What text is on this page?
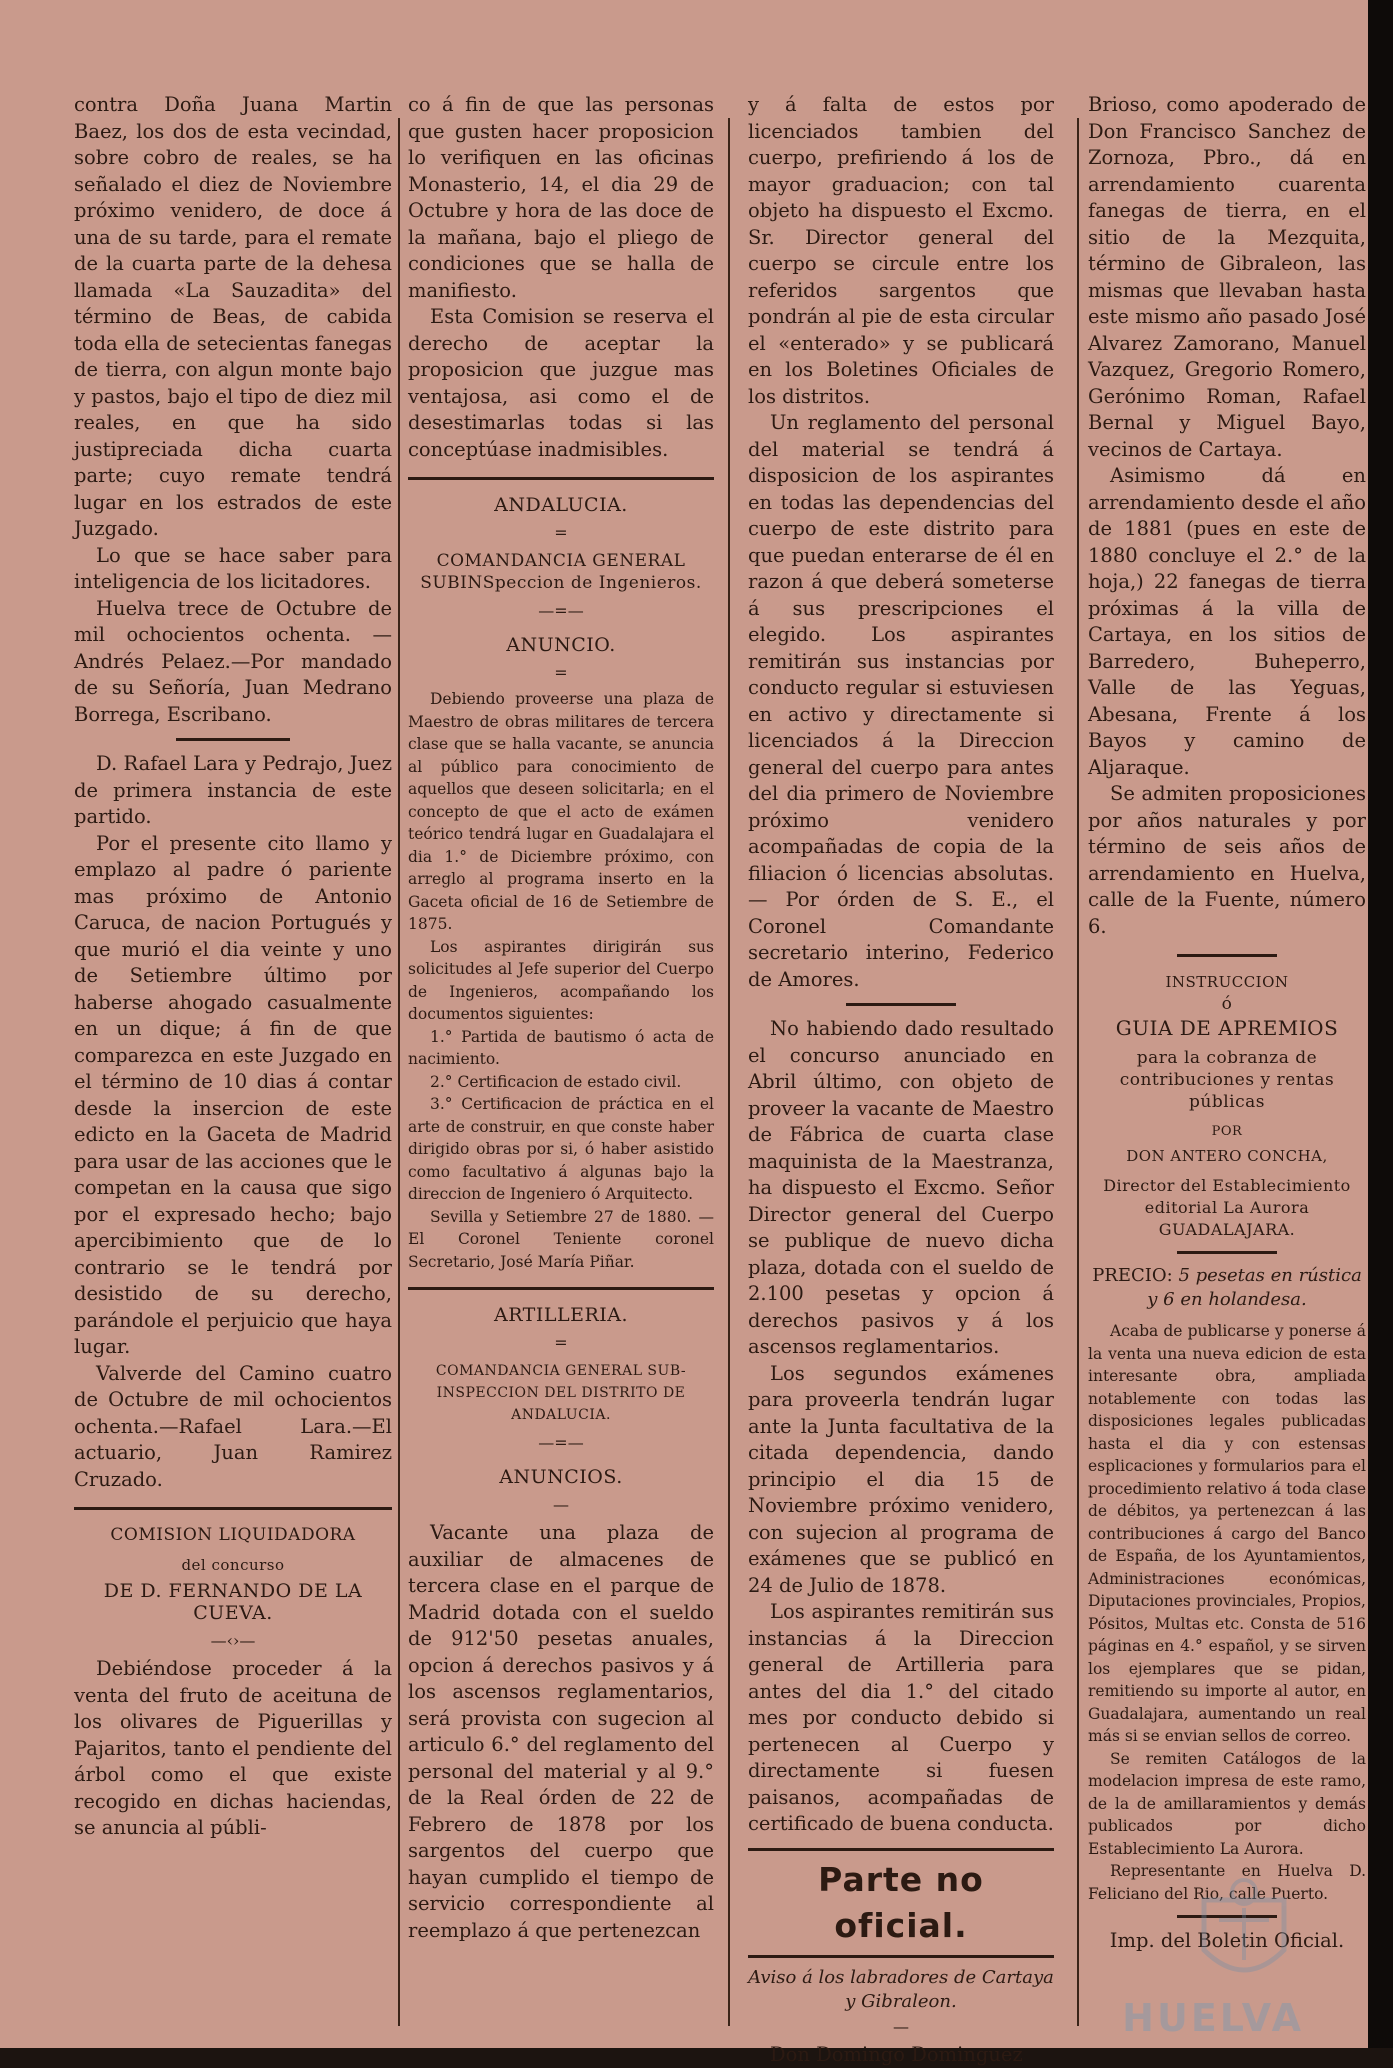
contra Doña Juana Martin Baez, los dos de esta vecindad, sobre cobro de reales, se ha señalado el diez de Noviembre próximo venidero, de doce á una de su tarde, para el remate de la cuarta parte de la dehesa llamada «La Sauzadita» del término de Beas, de cabida toda ella de setecientas fanegas de tierra, con algun monte bajo y pastos, bajo el tipo de diez mil reales, en que ha sido justipreciada dicha cuarta parte; cuyo remate tendrá lugar en los estrados de este Juzgado.

Lo que se hace saber para inteligencia de los licitadores.

Huelva trece de Octubre de mil ochocientos ochenta. —Andrés Pelaez.—Por mandado de su Señoría, Juan Medrano Borrega, Escribano.

D. Rafael Lara y Pedrajo, Juez de primera instancia de este partido.

Por el presente cito llamo y emplazo al padre ó pariente mas próximo de Antonio Caruca, de nacion Portugués y que murió el dia veinte y uno de Setiembre último por haberse ahogado casualmente en un dique; á fin de que comparezca en este Juzgado en el término de 10 dias á contar desde la insercion de este edicto en la Gaceta de Madrid para usar de las acciones que le competan en la causa que sigo por el expresado hecho; bajo apercibimiento que de lo contrario se le tendrá por desistido de su derecho, parándole el perjuicio que haya lugar.

Valverde del Camino cuatro de Octubre de mil ochocientos ochenta.—Rafael Lara.—El actuario, Juan Ramirez Cruzado.

COMISION LIQUIDADORA
del concurso
DE D. FERNANDO DE LA CUEVA.
—‹›—

Debiéndose proceder á la venta del fruto de aceituna de los olivares de Piguerillas y Pajaritos, tanto el pendiente del árbol como el que existe recogido en dichas haciendas, se anuncia al públi-

co á fin de que las personas que gusten hacer proposicion lo verifiquen en las oficinas Monasterio, 14, el dia 29 de Octubre y hora de las doce de la mañana, bajo el pliego de condiciones que se halla de manifiesto.

Esta Comision se reserva el derecho de aceptar la proposicion que juzgue mas ventajosa, asi como el de desestimarlas todas si las conceptúase inadmisibles.

ANDALUCIA.
=
COMANDANCIA GENERAL SUBINSpeccion de Ingenieros.
—=—
ANUNCIO.
=

Debiendo proveerse una plaza de Maestro de obras militares de tercera clase que se halla vacante, se anuncia al público para conocimiento de aquellos que deseen solicitarla; en el concepto de que el acto de exámen teórico tendrá lugar en Guadalajara el dia 1.° de Diciembre próximo, con arreglo al programa inserto en la Gaceta oficial de 16 de Setiembre de 1875.

Los aspirantes dirigirán sus solicitudes al Jefe superior del Cuerpo de Ingenieros, acompañando los documentos siguientes:

1.° Partida de bautismo ó acta de nacimiento.

2.° Certificacion de estado civil.

3.° Certificacion de práctica en el arte de construir, en que conste haber dirigido obras por si, ó haber asistido como facultativo á algunas bajo la direccion de Ingeniero ó Arquitecto.

Sevilla y Setiembre 27 de 1880. —El Coronel Teniente coronel Secretario, José María Piñar.

ARTILLERIA.
=
COMANDANCIA GENERAL SUB-INSPECCION DEL DISTRITO DE ANDALUCIA.
—=—
ANUNCIOS.
—

Vacante una plaza de auxiliar de almacenes de tercera clase en el parque de Madrid dotada con el sueldo de 912'50 pesetas anuales, opcion á derechos pasivos y á los ascensos reglamentarios, será provista con sugecion al articulo 6.° del reglamento del personal del material y al 9.° de la Real órden de 22 de Febrero de 1878 por los sargentos del cuerpo que hayan cumplido el tiempo de servicio correspondiente al reemplazo á que pertenezcan

y á falta de estos por licenciados tambien del cuerpo, prefiriendo á los de mayor graduacion; con tal objeto ha dispuesto el Excmo. Sr. Director general del cuerpo se circule entre los referidos sargentos que pondrán al pie de esta circular el «enterado» y se publicará en los Boletines Oficiales de los distritos.

Un reglamento del personal del material se tendrá á disposicion de los aspirantes en todas las dependencias del cuerpo de este distrito para que puedan enterarse de él en razon á que deberá someterse á sus prescripciones el elegido. Los aspirantes remitirán sus instancias por conducto regular si estuviesen en activo y directamente si licenciados á la Direccion general del cuerpo para antes del dia primero de Noviembre próximo venidero acompañadas de copia de la filiacion ó licencias absolutas.— Por órden de S. E., el Coronel Comandante secretario interino, Federico de Amores.

No habiendo dado resultado el concurso anunciado en Abril último, con objeto de proveer la vacante de Maestro de Fábrica de cuarta clase maquinista de la Maestranza, ha dispuesto el Excmo. Señor Director general del Cuerpo se publique de nuevo dicha plaza, dotada con el sueldo de 2.100 pesetas y opcion á derechos pasivos y á los ascensos reglamentarios.

Los segundos exámenes para proveerla tendrán lugar ante la Junta facultativa de la citada dependencia, dando principio el dia 15 de Noviembre próximo venidero, con sujecion al programa de exámenes que se publicó en 24 de Julio de 1878.

Los aspirantes remitirán sus instancias á la Direccion general de Artilleria para antes del dia 1.° del citado mes por conducto debido si pertenecen al Cuerpo y directamente si fuesen paisanos, acompañadas de certificado de buena conducta.

Parte no oficial.
Aviso á los labradores de Cartaya y Gibraleon.
—

Don Domingo Dominguez

Brioso, como apoderado de Don Francisco Sanchez de Zornoza, Pbro., dá en arrendamiento cuarenta fanegas de tierra, en el sitio de la Mezquita, término de Gibraleon, las mismas que llevaban hasta este mismo año pasado José Alvarez Zamorano, Manuel Vazquez, Gregorio Romero, Gerónimo Roman, Rafael Bernal y Miguel Bayo, vecinos de Cartaya.

Asimismo dá en arrendamiento desde el año de 1881 (pues en este de 1880 concluye el 2.° de la hoja,) 22 fanegas de tierra próximas á la villa de Cartaya, en los sitios de Barredero, Buheperro, Valle de las Yeguas, Abesana, Frente á los Bayos y camino de Aljaraque.

Se admiten proposiciones por años naturales y por término de seis años de arrendamiento en Huelva, calle de la Fuente, número 6.

INSTRUCCION
ó
GUIA DE APREMIOS
para la cobranza de contribuciones y rentas públicas
POR
DON ANTERO CONCHA,
Director del Establecimiento editorial La Aurora GUADALAJARA.
PRECIO: 5 pesetas en rústica y 6 en holandesa.

Acaba de publicarse y ponerse á la venta una nueva edicion de esta interesante obra, ampliada notablemente con todas las disposiciones legales publicadas hasta el dia y con estensas esplicaciones y formularios para el procedimiento relativo á toda clase de débitos, ya pertenezcan á las contribuciones á cargo del Banco de España, de los Ayuntamientos, Administraciones económicas, Diputaciones provinciales, Propios, Pósitos, Multas etc. Consta de 516 páginas en 4.° español, y se sirven los ejemplares que se pidan, remitiendo su importe al autor, en Guadalajara, aumentando un real más si se envian sellos de correo.

Se remiten Catálogos de la modelacion impresa de este ramo, de la de amillaramientos y demás publicados por dicho Establecimiento La Aurora.

Representante en Huelva D. Feliciano del Rio, calle Puerto.

Imp. del Boletin Oficial.

HUELVA
